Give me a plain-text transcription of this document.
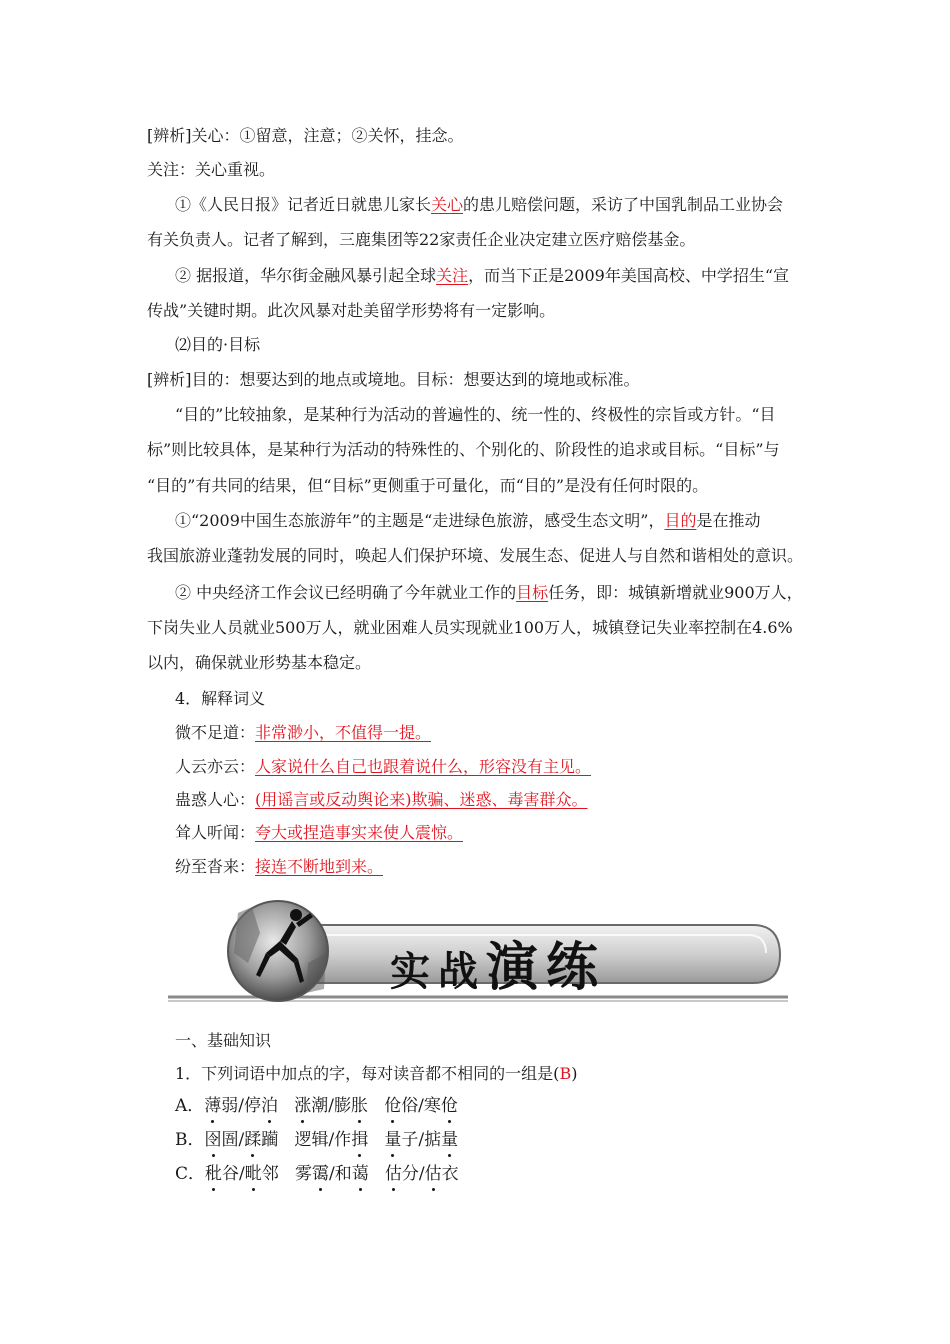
[辨析]关心：①留意，注意；②关怀，挂念。
关注：关心重视。
①《人民日报》记者近日就患儿家长关心的患儿赔偿问题，采访了中国乳制品工业协会
有关负责人。记者了解到，三鹿集团等22家责任企业决定建立医疗赔偿基金。
② 据报道，华尔街金融风暴引起全球关注，而当下正是2009年美国高校、中学招生“宣
传战”关键时期。此次风暴对赴美留学形势将有一定影响。
⑵目的·目标
[辨析]目的：想要达到的地点或境地。目标：想要达到的境地或标准。
“目的”比较抽象，是某种行为活动的普遍性的、统一性的、终极性的宗旨或方针。“目
标”则比较具体，是某种行为活动的特殊性的、个别化的、阶段性的追求或目标。“目标”与
“目的”有共同的结果，但“目标”更侧重于可量化，而“目的”是没有任何时限的。
①“2009中国生态旅游年”的主题是“走进绿色旅游，感受生态文明”，目的是在推动
我国旅游业蓬勃发展的同时，唤起人们保护环境、发展生态、促进人与自然和谐相处的意识。
② 中央经济工作会议已经明确了今年就业工作的目标任务，即：城镇新增就业900万人，
下岗失业人员就业500万人，就业困难人员实现就业100万人，城镇登记失业率控制在4.6%
以内，确保就业形势基本稳定。
4．解释词义
微不足道：非常渺小，不值得一提。
人云亦云：人家说什么自己也跟着说什么，形容没有主见。
蛊惑人心：(用谣言或反动舆论来)欺骗、迷惑、毒害群众。
耸人听闻：夸大或捏造事实来使人震惊。
纷至沓来：接连不断地到来。
实战演练
一、基础知识
1．下列词语中加点的字，每对读音都不相同的一组是(B)
A．薄弱/停泊 涨潮/膨胀 伧俗/寒伧
B．囹圄/蹂躏 逻辑/作揖 量子/掂量
C．秕谷/毗邻 雾霭/和蔼 估分/估衣
